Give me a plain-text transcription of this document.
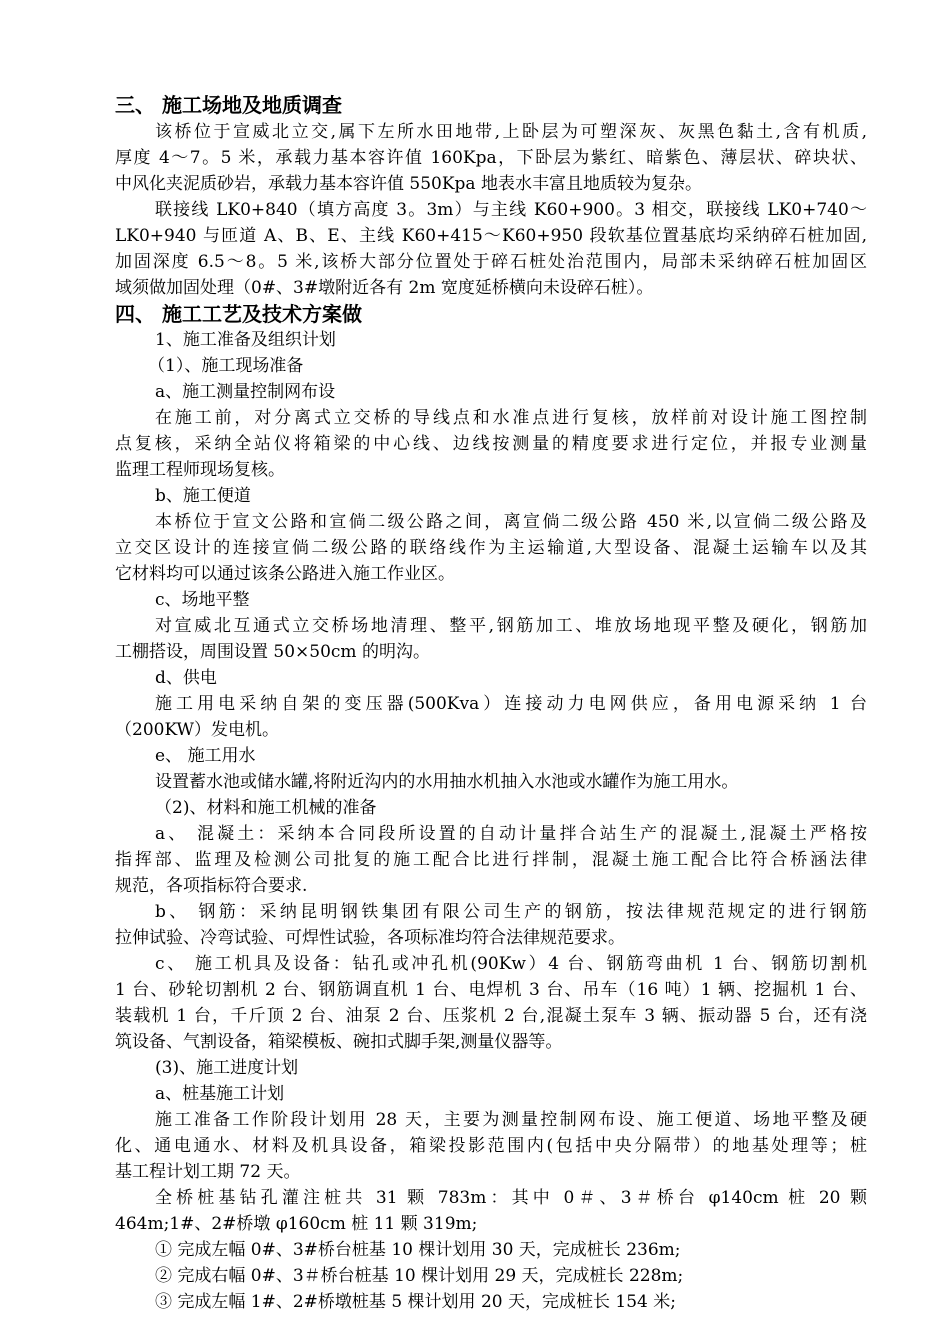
三、 施工场地及地质调查
该桥位于宣威北立交,属下左所水田地带,上卧层为可塑深灰、灰黑色黏土,含有机质,
厚度 4～7。5 米，承载力基本容许值 160Kpa，下卧层为紫红、暗紫色、薄层状、碎块状、
中风化夹泥质砂岩，承载力基本容许值 550Kpa 地表水丰富且地质较为复杂。
联接线 LK0+840（填方高度 3。3m）与主线 K60+900。3 相交，联接线 LK0+740～
LK0+940 与匝道 A、B、E、主线 K60+415～K60+950 段软基位置基底均采纳碎石桩加固,
加固深度 6.5～8。5 米,该桥大部分位置处于碎石桩处治范围内，局部未采纳碎石桩加固区
域须做加固处理（0#、3#墩附近各有 2m 宽度延桥横向未设碎石桩）。
四、 施工工艺及技术方案做
1、施工准备及组织计划
（1）、施工现场准备
a、施工测量控制网布设
在施工前，对分离式立交桥的导线点和水准点进行复核，放样前对设计施工图控制
点复核，采纳全站仪将箱梁的中心线、边线按测量的精度要求进行定位，并报专业测量
监理工程师现场复核。
b、施工便道
本桥位于宣文公路和宣倘二级公路之间，离宣倘二级公路 450 米,以宣倘二级公路及
立交区设计的连接宣倘二级公路的联络线作为主运输道,大型设备、混凝土运输车以及其
它材料均可以通过该条公路进入施工作业区。
c、场地平整
对宣威北互通式立交桥场地清理、整平,钢筋加工、堆放场地现平整及硬化，钢筋加
工棚搭设，周围设置 50×50cm 的明沟。
d、供电
施工用电采纳自架的变压器(500Kva）连接动力电网供应，备用电源采纳 1 台
（200KW）发电机。
e、 施工用水
设置蓄水池或储水罐,将附近沟内的水用抽水机抽入水池或水罐作为施工用水。
（2)、材料和施工机械的准备
a、 混凝土：采纳本合同段所设置的自动计量拌合站生产的混凝土,混凝土严格按
指挥部、监理及检测公司批复的施工配合比进行拌制，混凝土施工配合比符合桥涵法律
规范，各项指标符合要求.
b、 钢筋：采纳昆明钢铁集团有限公司生产的钢筋，按法律规范规定的进行钢筋
拉伸试验、冷弯试验、可焊性试验，各项标准均符合法律规范要求。
c、 施工机具及设备：钻孔或冲孔机(90Kw）4 台、钢筋弯曲机 1 台、钢筋切割机
1 台、砂轮切割机 2 台、钢筋调直机 1 台、电焊机 3 台、吊车（16 吨）1 辆、挖掘机 1 台、
装载机 1 台，千斤顶 2 台、油泵 2 台、压浆机 2 台,混凝土泵车 3 辆、振动器 5 台，还有浇
筑设备、气割设备，箱梁模板、碗扣式脚手架,测量仪器等。
(3)、施工进度计划
a、桩基施工计划
施工准备工作阶段计划用 28 天，主要为测量控制网布设、施工便道、场地平整及硬
化、通电通水、材料及机具设备，箱梁投影范围内(包括中央分隔带）的地基处理等；桩
基工程计划工期 72 天。
全桥桩基钻孔灌注桩共 31 颗 783m：其中 0＃、3＃桥台 φ140cm 桩 20 颗
464m;1#、2#桥墩 φ160cm 桩 11 颗 319m;
① 完成左幅 0#、3#桥台桩基 10 棵计划用 30 天，完成桩长 236m;
② 完成右幅 0#、3＃桥台桩基 10 棵计划用 29 天，完成桩长 228m;
③ 完成左幅 1#、2#桥墩桩基 5 棵计划用 20 天，完成桩长 154 米;
